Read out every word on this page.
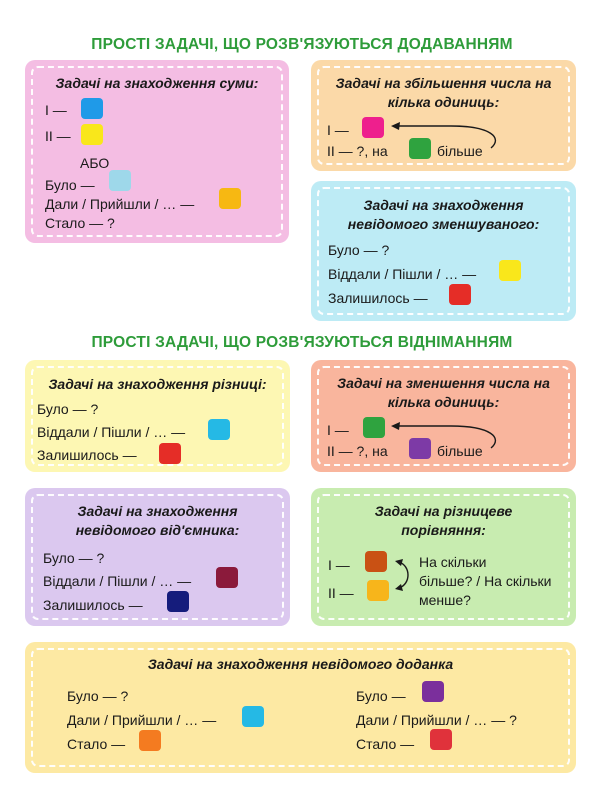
ПРОСТІ ЗАДАЧІ, ЩО РОЗВ'ЯЗУЮТЬСЯ ДОДАВАННЯМ
Задачі на знаходження суми:
І —
ІІ —
АБО
Було —
Дали / Прийшли / … —
Стало — ?
Задачі на збільшення числа на кількa одиниць:
І —
ІІ — ?, на	більше
Задачі на знаходження невідомого зменшуваного:
Було — ?
Віддали / Пішли / … —
Залишилось —
ПРОСТІ ЗАДАЧІ, ЩО РОЗВ'ЯЗУЮТЬСЯ ВІДНІМАННЯМ
Задачі на знаходження різниці:
Було — ?
Віддали / Пішли / … —
Залишилось —
Задачі на зменшення числа на кількa одиниць:
І —
ІІ — ?, на	більше
Задачі на знаходження невідомого від'ємника:
Було — ?
Віддали / Пішли / … —
Залишилось —
Задачі на різницеве порівняння:
І —
ІІ —
На скільки
більше? / На скільки
менше?
Задачі на знаходження невідомого доданка
Було — ?
Дали / Прийшли / … —
Стало —
Було —
Дали / Прийшли / … — ?
Стало —
